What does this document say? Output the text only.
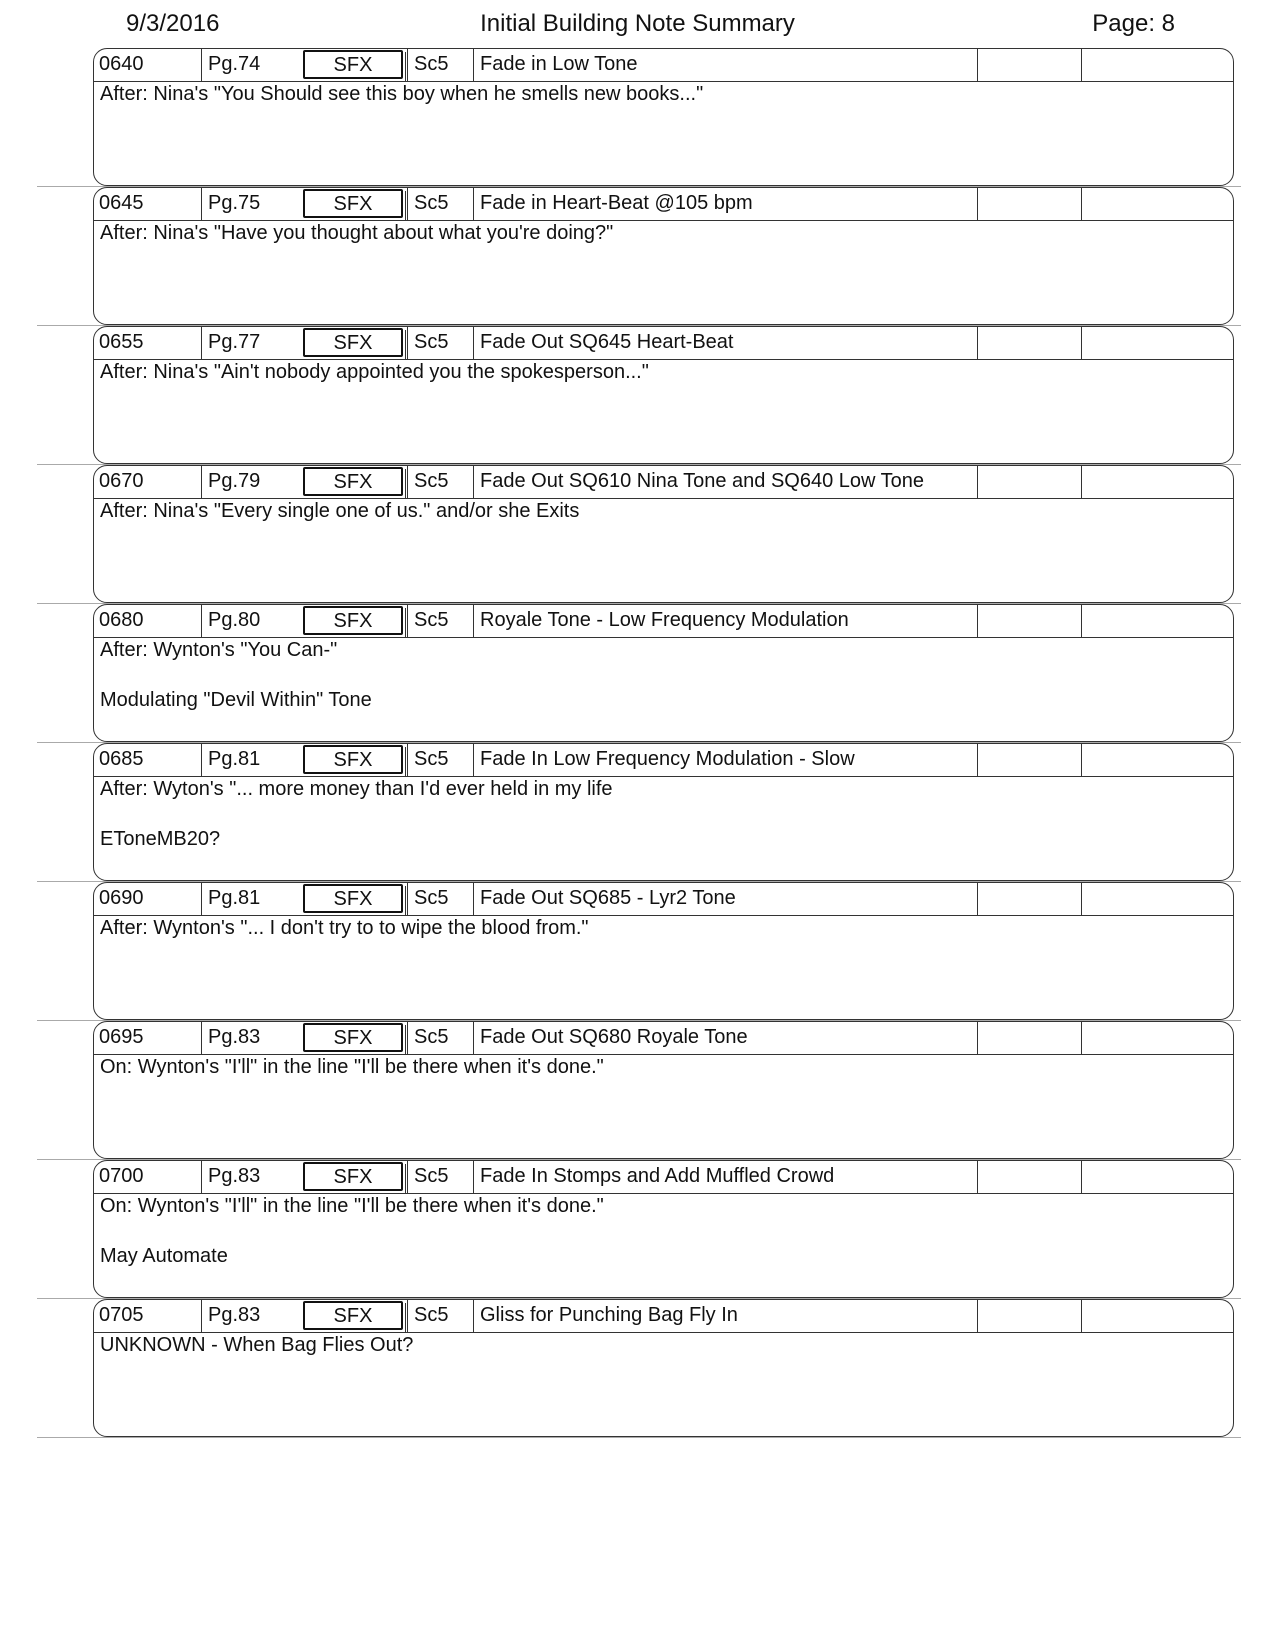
9/3/2016	Initial Building Note Summary	Page: 8
0640	Pg.74	SFX	Sc5	Fade in Low Tone
After: Nina's "You Should see this boy when he smells new books..."
0645	Pg.75	SFX	Sc5	Fade in Heart-Beat @105 bpm
After: Nina's "Have you thought about what you're doing?"
0655	Pg.77	SFX	Sc5	Fade Out SQ645 Heart-Beat
After: Nina's "Ain't nobody appointed you the spokesperson..."
0670	Pg.79	SFX	Sc5	Fade Out SQ610 Nina Tone and SQ640 Low Tone
After: Nina's "Every single one of us." and/or she Exits
0680	Pg.80	SFX	Sc5	Royale Tone - Low Frequency Modulation
After: Wynton's "You Can-"

Modulating "Devil Within" Tone
0685	Pg.81	SFX	Sc5	Fade In Low Frequency Modulation - Slow
After: Wyton's "... more money than I'd ever held in my life

EToneMB20?
0690	Pg.81	SFX	Sc5	Fade Out SQ685 - Lyr2 Tone
After: Wynton's "... I don't try to to wipe the blood from."
0695	Pg.83	SFX	Sc5	Fade Out SQ680 Royale Tone
On: Wynton's "I'll" in the line "I'll be there when it's done."
0700	Pg.83	SFX	Sc5	Fade In Stomps and Add Muffled Crowd
On: Wynton's "I'll" in the line "I'll be there when it's done."

May Automate
0705	Pg.83	SFX	Sc5	Gliss for Punching Bag Fly In
UNKNOWN - When Bag Flies Out?
